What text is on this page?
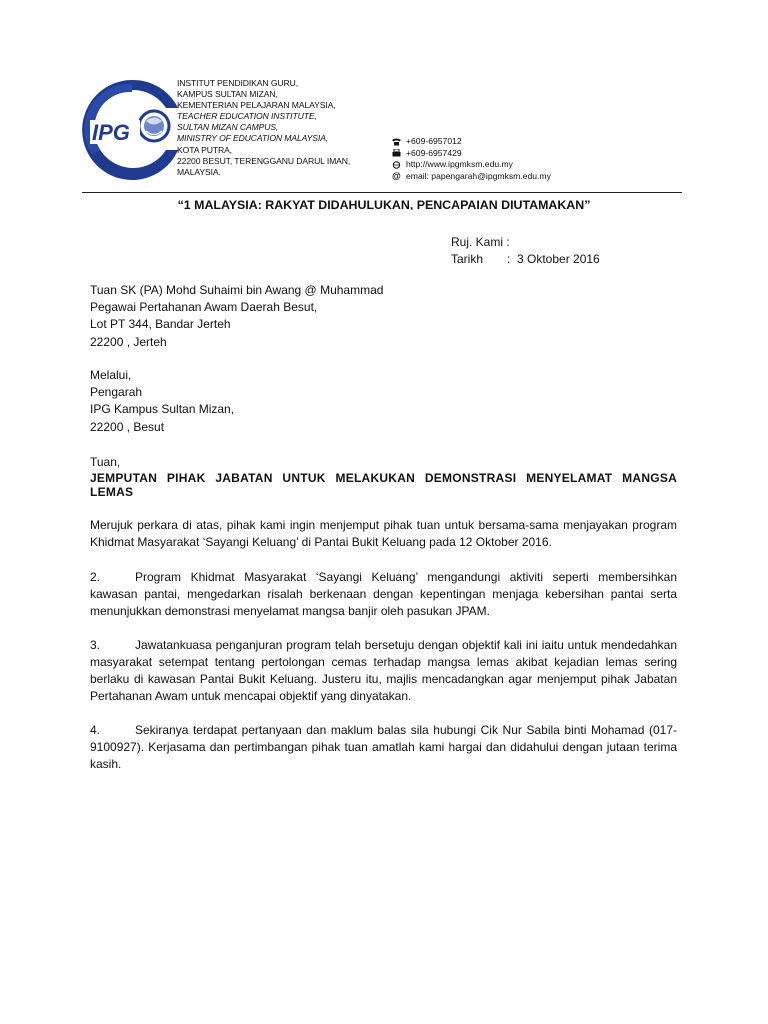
IPG
INSTITUT PENDIDIKAN GURU,
KAMPUS SULTAN MIZAN,
KEMENTERIAN PELAJARAN MALAYSIA,
TEACHER EDUCATION INSTITUTE,
SULTAN MIZAN CAMPUS,
MINISTRY OF EDUCATION MALAYSIA,
KOTA PUTRA,
22200 BESUT, TERENGGANU DARUL IMAN,
MALAYSIA.
+609-6957012
+609-6957429
http://www.ipgmksm.edu.my
@ email: papengarah@ipgmksm.edu.my
“1 MALAYSIA: RAKYAT DIDAHULUKAN, PENCAPAIAN DIUTAMAKAN”
Ruj. Kami :
Tarikh	: 3 Oktober 2016
Tuan SK (PA) Mohd Suhaimi bin Awang @ Muhammad
Pegawai Pertahanan Awam Daerah Besut,
Lot PT 344, Bandar Jerteh
22200 , Jerteh
Melalui,
Pengarah
IPG Kampus Sultan Mizan,
22200 , Besut
Tuan,
JEMPUTAN PIHAK JABATAN UNTUK MELAKUKAN DEMONSTRASI MENYELAMAT MANGSA LEMAS
Merujuk perkara di atas, pihak kami ingin menjemput pihak tuan untuk bersama-sama menjayakan program Khidmat Masyarakat ‘Sayangi Keluang’ di Pantai Bukit Keluang pada 12 Oktober 2016.
2.	Program Khidmat Masyarakat ‘Sayangi Keluang’ mengandungi aktiviti seperti membersihkan kawasan pantai, mengedarkan risalah berkenaan dengan kepentingan menjaga kebersihan pantai serta menunjukkan demonstrasi menyelamat mangsa banjir oleh pasukan JPAM.
3.	Jawatankuasa penganjuran program telah bersetuju dengan objektif kali ini iaitu untuk mendedahkan masyarakat setempat tentang pertolongan cemas terhadap mangsa lemas akibat kejadian lemas sering berlaku di kawasan Pantai Bukit Keluang. Justeru itu, majlis mencadangkan agar menjemput pihak Jabatan Pertahanan Awam untuk mencapai objektif yang dinyatakan.
4.	Sekiranya terdapat pertanyaan dan maklum balas sila hubungi Cik Nur Sabila binti Mohamad (017-9100927). Kerjasama dan pertimbangan pihak tuan amatlah kami hargai dan didahului dengan jutaan terima kasih.
